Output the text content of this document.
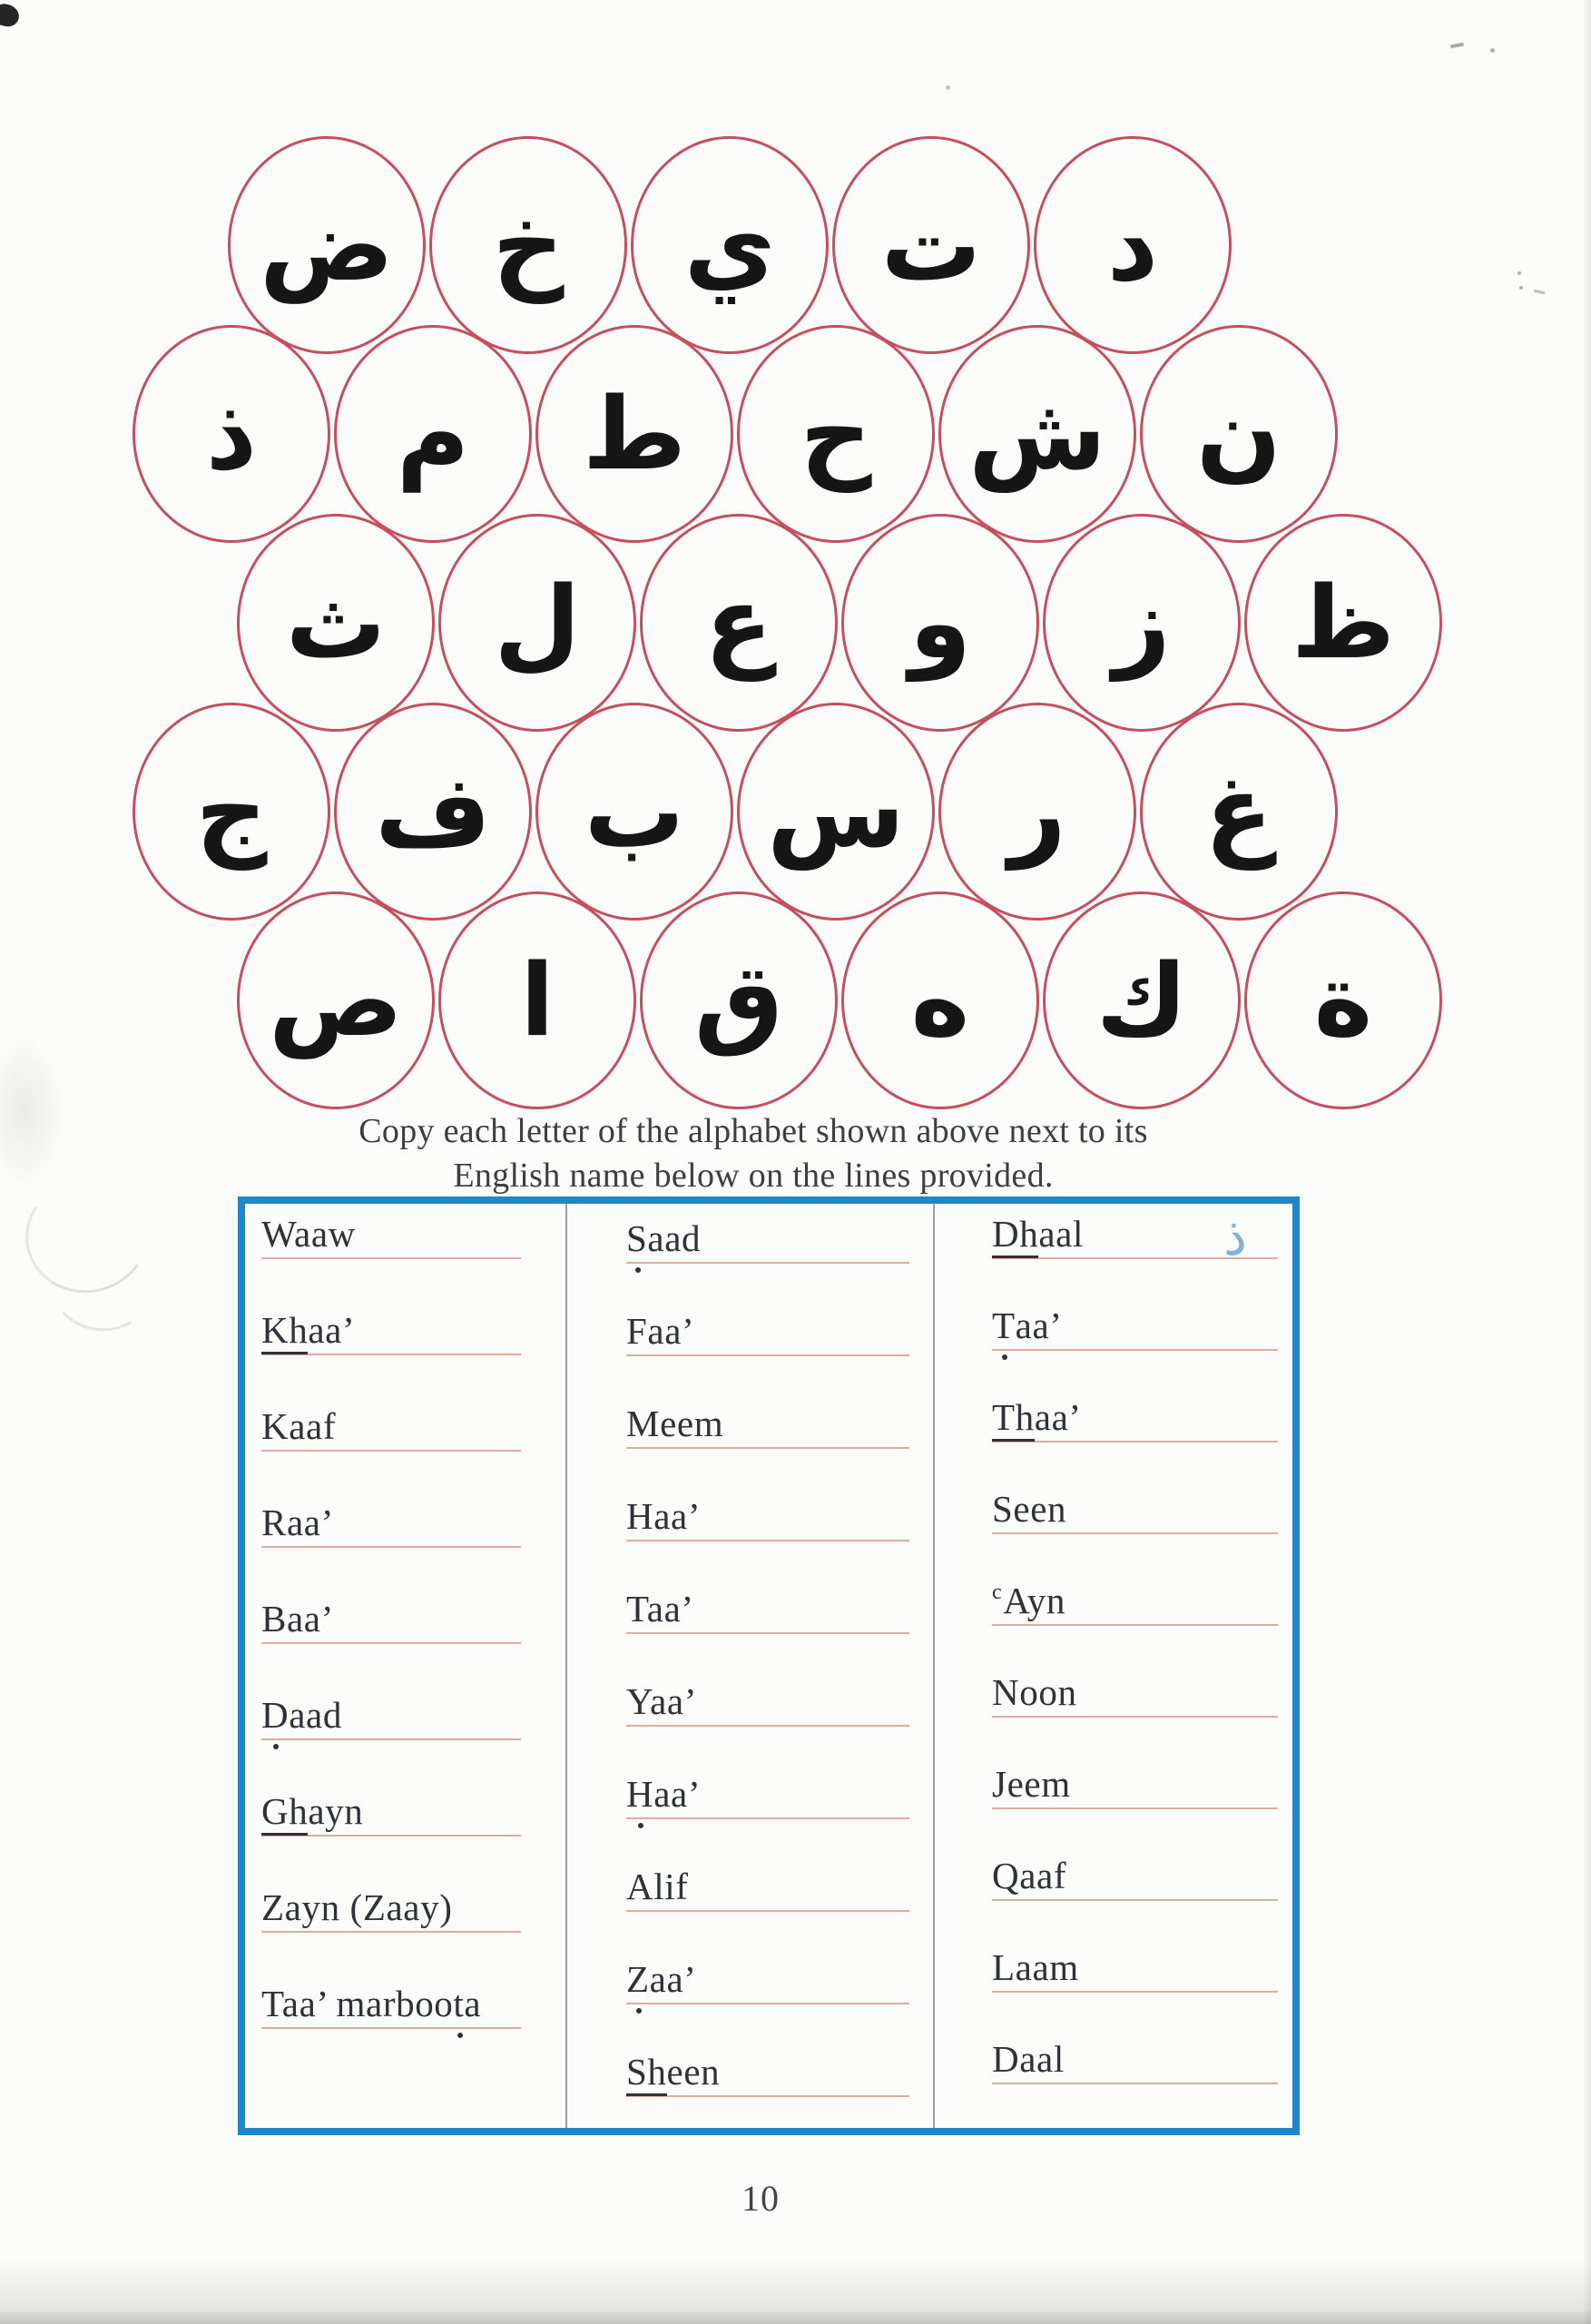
ض خ ي ت د
ذ م ط ح ش ن
ث ل ع و ز ظ
ج ف ب س ر غ
ص ا ق ه ك ة
Copy each letter of the alphabet shown above next to its
English name below on the lines provided.
Waaw
Khaa’
Kaaf
Raa’
Baa’
D
aad
Ghayn
Zayn (Zaay)
Taa’ marboot
a
S
aad
Faa’
Meem
Haa’
Taa’
Yaa’
H
aa’
Alif
Z
aa’
Sheen
Dhaal	ذ
T
aa’
Thaa’
Seen
$^c$Ayn
Noon
Jeem
Qaaf
Laam
Daal
10
